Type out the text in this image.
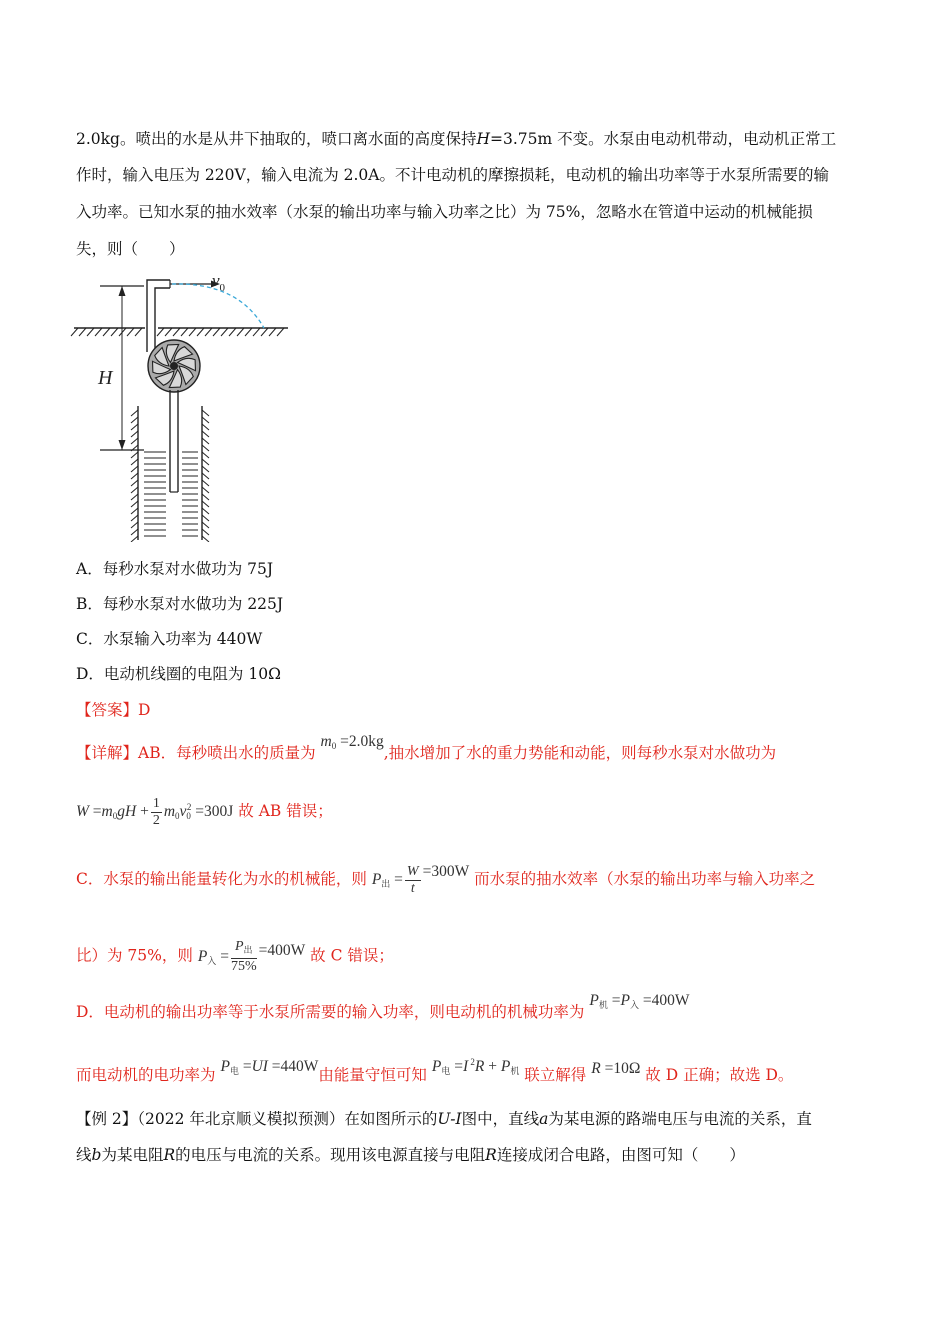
2.0kg。喷出的水是从井下抽取的，喷口离水面的高度保持H=3.75m 不变。水泵由电动机带动，电动机正常工
作时，输入电压为 220V，输入电流为 2.0A。不计电动机的摩擦损耗，电动机的输出功率等于水泵所需要的输
入功率。已知水泵的抽水效率（水泵的输出功率与输入功率之比）为 75%，忽略水在管道中运动的机械能损
失，则（　　）
H
$v_0$
A．每秒水泵对水做功为 75J
B．每秒水泵对水做功为 225J
C．水泵输入功率为 440W
D．电动机线圈的电阻为 10Ω
【答案】D
【详解】AB．每秒喷出水的质量为 $m_0 =2.0kg$,抽水增加了水的重力势能和动能，则每秒水泵对水做功为
$W =m_0gH + \frac{1}{2} m_0v_0^2 =300J$ 故 AB 错误；
C．水泵的输出能量转化为水的机械能，则 $P_出 = \frac{W}{t} =300W$ 而水泵的抽水效率（水泵的输出功率与输入功率之
比）为 75%，则 $P_入 = \frac{P_出}{75\%} =400W$ 故 C 错误；
D．电动机的输出功率等于水泵所需要的输入功率，则电动机的机械功率为 $P_机 =P_入 =400W$
而电动机的电功率为 $P_电 =UI =440W$由能量守恒可知 $P_电 =I$ $^2R + P_机$ 联立解得 R =10Ω 故 D 正确；故选 D。
【例 2】（2022 年北京顺义模拟预测）在如图所示的U-I图中，直线a为某电源的路端电压与电流的关系，直
线b为某电阻R的电压与电流的关系。现用该电源直接与电阻R连接成闭合电路，由图可知（　　）
